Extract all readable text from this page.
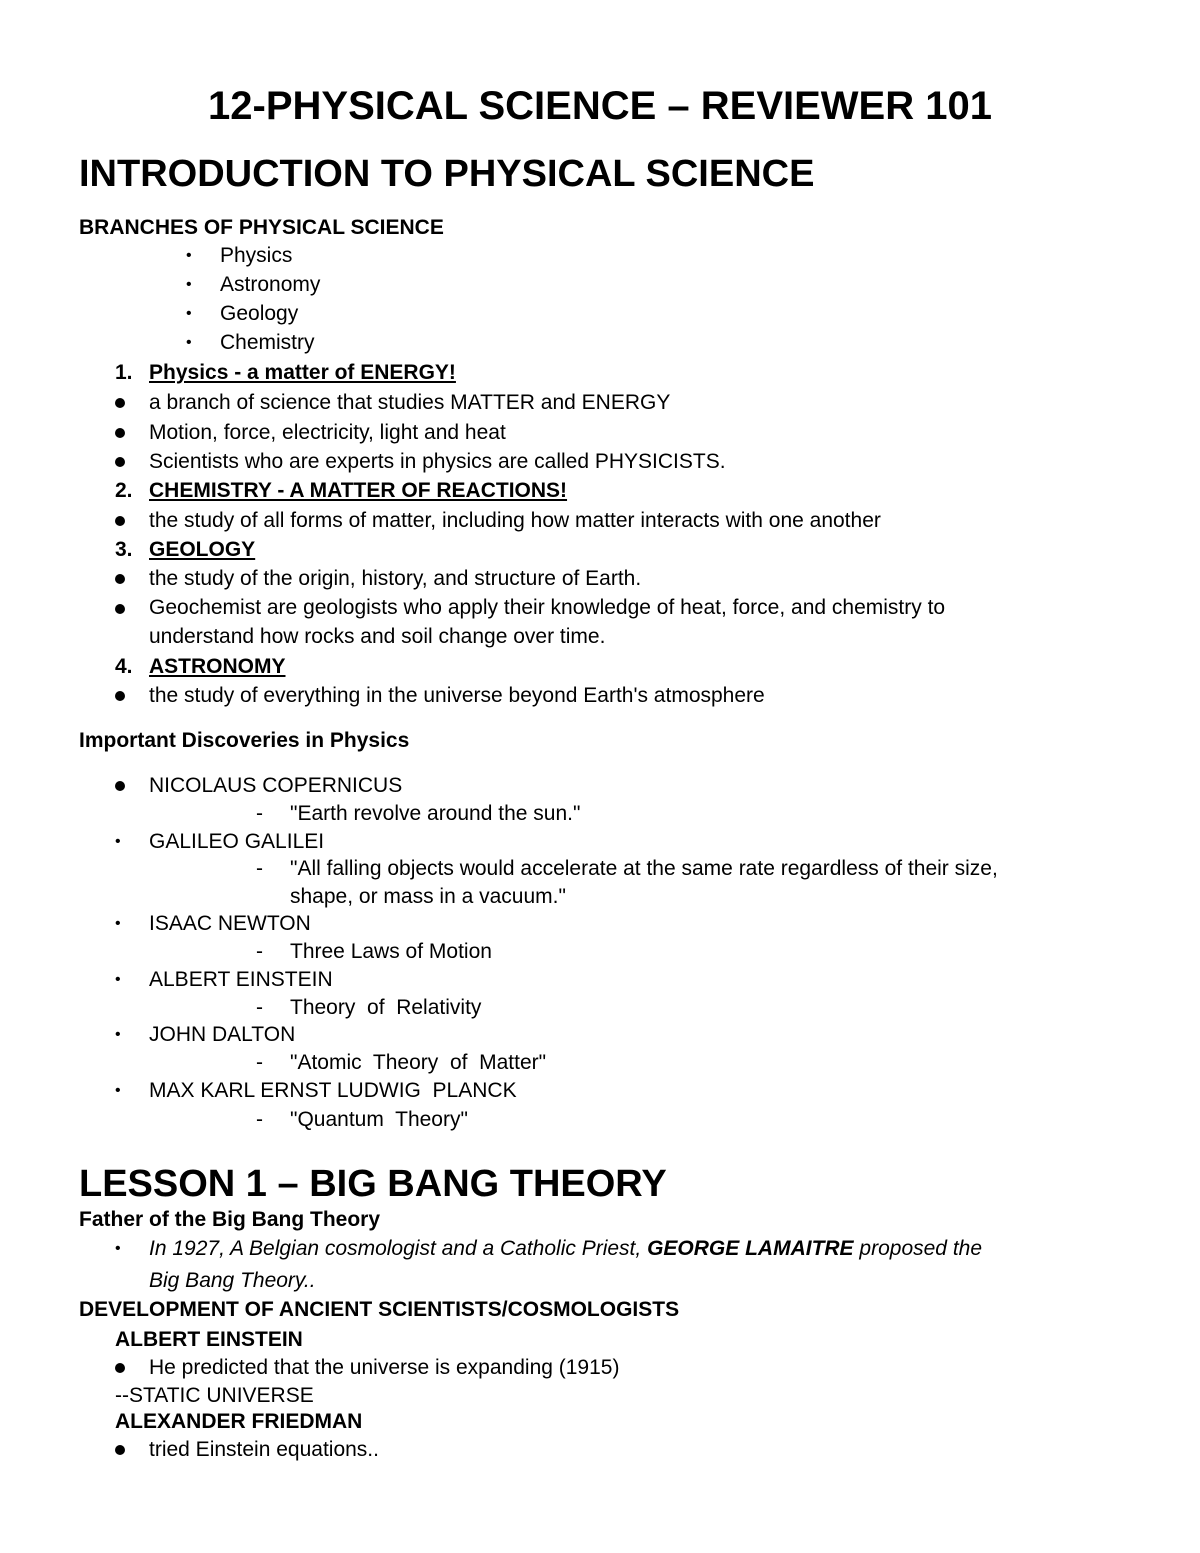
12-PHYSICAL SCIENCE – REVIEWER 101
INTRODUCTION TO PHYSICAL SCIENCE
BRANCHES OF PHYSICAL SCIENCE
• Physics
• Astronomy
• Geology
• Chemistry
1. Physics - a matter of ENERGY!
a branch of science that studies MATTER and ENERGY
Motion, force, electricity, light and heat
Scientists who are experts in physics are called PHYSICISTS.
2. CHEMISTRY - A MATTER OF REACTIONS!
the study of all forms of matter, including how matter interacts with one another
3. GEOLOGY
the study of the origin, history, and structure of Earth.
Geochemist are geologists who apply their knowledge of heat, force, and chemistry to
understand how rocks and soil change over time.
4. ASTRONOMY
the study of everything in the universe beyond Earth's atmosphere
Important Discoveries in Physics
NICOLAUS COPERNICUS
- "Earth revolve around the sun."
• GALILEO GALILEI
- "All falling objects would accelerate at the same rate regardless of their size,
shape, or mass in a vacuum."
• ISAAC NEWTON
- Three Laws of Motion
• ALBERT EINSTEIN
- Theory  of  Relativity
• JOHN DALTON
- "Atomic  Theory  of  Matter"
• MAX KARL ERNST LUDWIG  PLANCK
- "Quantum  Theory"
LESSON 1 – BIG BANG THEORY
Father of the Big Bang Theory
• In 1927, A Belgian cosmologist and a Catholic Priest, GEORGE LAMAITRE proposed the
Big Bang Theory..
DEVELOPMENT OF ANCIENT SCIENTISTS/COSMOLOGISTS
ALBERT EINSTEIN
He predicted that the universe is expanding (1915)
--STATIC UNIVERSE
ALEXANDER FRIEDMAN
tried Einstein equations..
